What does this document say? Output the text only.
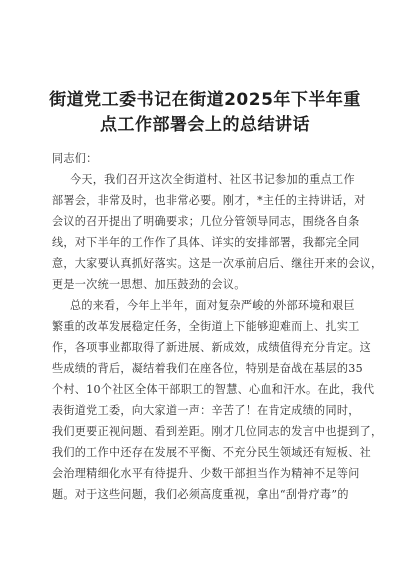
街道党工委书记在街道2025年下半年重
点工作部署会上的总结讲话
同志们：
今天，我们召开这次全街道村、社区书记参加的重点工作
部署会，非常及时，也非常必要。刚才，*主任的主持讲话，对
会议的召开提出了明确要求；几位分管领导同志，围绕各自条
线，对下半年的工作作了具体、详实的安排部署，我都完全同
意，大家要认真抓好落实。这是一次承前启后、继往开来的会议，
更是一次统一思想、加压鼓劲的会议。
总的来看，今年上半年，面对复杂严峻的外部环境和艰巨
繁重的改革发展稳定任务，全街道上下能够迎难而上、扎实工
作，各项事业都取得了新进展、新成效，成绩值得充分肯定。这
些成绩的背后，凝结着我们在座各位，特别是奋战在基层的35
个村、10个社区全体干部职工的智慧、心血和汗水。在此，我代
表街道党工委，向大家道一声：辛苦了！在肯定成绩的同时，
我们更要正视问题、看到差距。刚才几位同志的发言中也提到了，
我们的工作中还存在发展不平衡、不充分民生领域还有短板、社
会治理精细化水平有待提升、少数干部担当作为精神不足等问
题。对于这些问题，我们必须高度重视，拿出“刮骨疗毒”的
